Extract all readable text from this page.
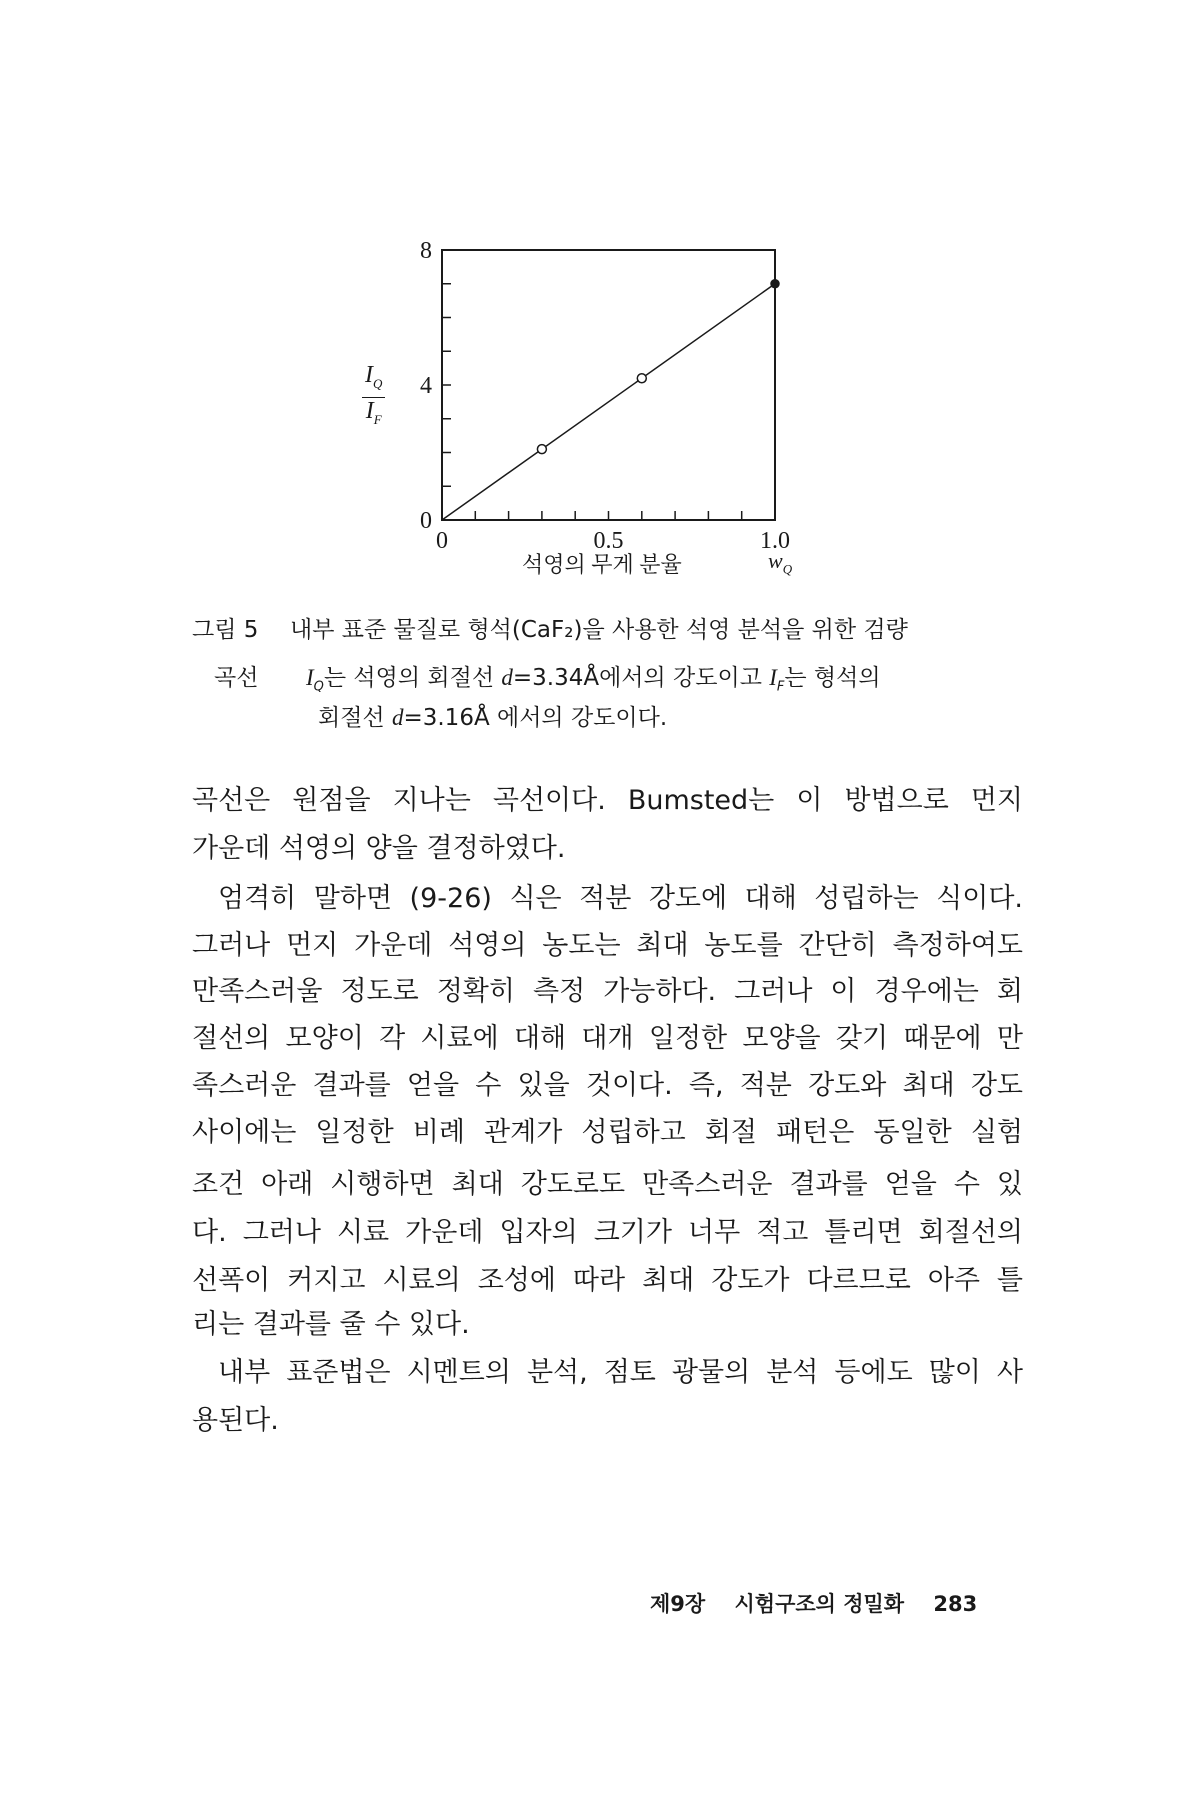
0	0.5	1.0
0
4
8
$\frac{I_Q}{I_F}$
석영의 무게 분율	$w_Q$
그림 5 내부 표준 물질로 형석(CaF₂)을 사용한 석영 분석을 위한 검량
곡선 $I_Q$는 석영의 회절선 d=3.34Å에서의 강도이고 $I_F$는 형석의
회절선 d=3.16Å 에서의 강도이다.
곡선은 원점을 지나는 곡선이다. Bumsted는 이 방법으로 먼지
가운데 석영의 양을 결정하였다.
엄격히 말하면 (9-26) 식은 적분 강도에 대해 성립하는 식이다.
그러나 먼지 가운데 석영의 농도는 최대 농도를 간단히 측정하여도
만족스러울 정도로 정확히 측정 가능하다. 그러나 이 경우에는 회
절선의 모양이 각 시료에 대해 대개 일정한 모양을 갖기 때문에 만
족스러운 결과를 얻을 수 있을 것이다. 즉, 적분 강도와 최대 강도
사이에는 일정한 비례 관계가 성립하고 회절 패턴은 동일한 실험
조건 아래 시행하면 최대 강도로도 만족스러운 결과를 얻을 수 있
다. 그러나 시료 가운데 입자의 크기가 너무 적고 틀리면 회절선의
선폭이 커지고 시료의 조성에 따라 최대 강도가 다르므로 아주 틀
리는 결과를 줄 수 있다.
내부 표준법은 시멘트의 분석, 점토 광물의 분석 등에도 많이 사
용된다.
제9장 시험구조의 정밀화 283
